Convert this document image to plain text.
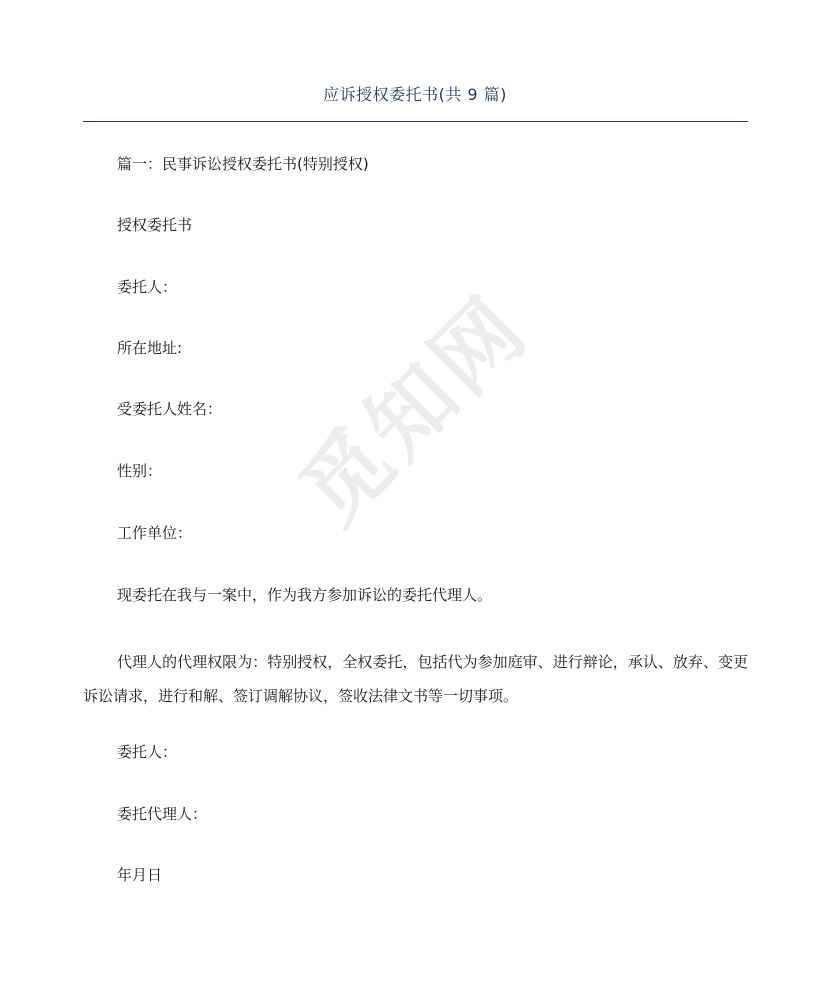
觅知网
应诉授权委托书(共 9 篇)
篇一：民事诉讼授权委托书(特别授权)
授权委托书
委托人：
所在地址:
受委托人姓名：
性别：
工作单位：
现委托在我与一案中，作为我方参加诉讼的委托代理人。
代理人的代理权限为：特别授权，全权委托，包括代为参加庭审、进行辩论，承认、放弃、变更诉讼请求，进行和解、签订调解协议，签收法律文书等一切事项。
委托人：
委托代理人：
年月日
